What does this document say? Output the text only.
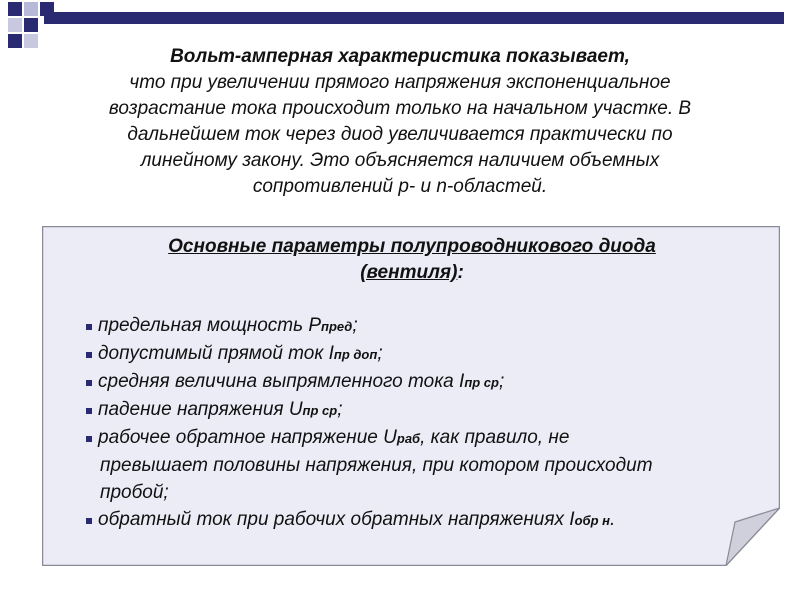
Вольт-амперная характеристика показывает,
что при увеличении прямого напряжения экспоненциальное
возрастание тока происходит только на начальном участке. В
дальнейшем ток через диод увеличивается практически по
линейному закону. Это объясняется наличием объемных
сопротивлений р- и n-областей.
Основные параметры полупроводникового диода
(вентиля):
предельная мощность Pпред;
допустимый прямой ток Iпр доп;
средняя величина выпрямленного тока Iпр ср;
падение напряжения Uпр ср;
рабочее обратное напряжение Uраб, как правило, не
превышает половины напряжения, при котором происходит
пробой;
обратный ток при рабочих обратных напряжениях Iобр н.
